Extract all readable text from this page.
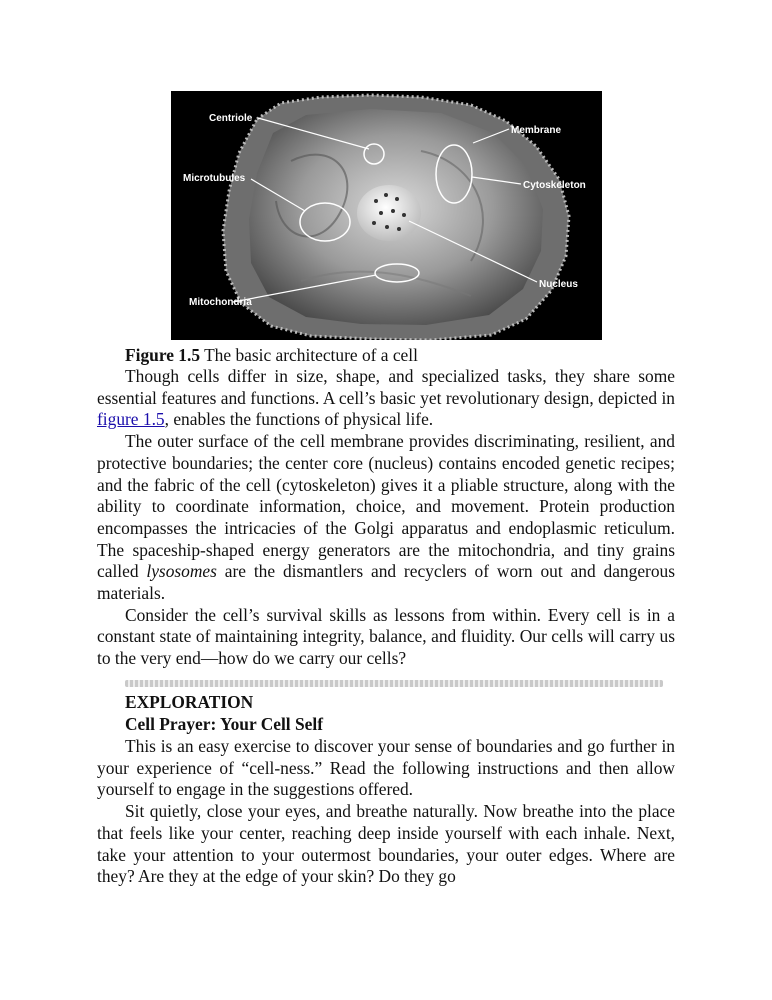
Centriole
Microtubules
Mitochondria
Membrane
Cytoskeleton
Nucleus
Figure 1.5 The basic architecture of a cell

Though cells differ in size, shape, and specialized tasks, they share some essential features and functions. A cell’s basic yet revolutionary design, depicted in figure 1.5, enables the functions of physical life.

The outer surface of the cell membrane provides discriminating, resilient, and protective boundaries; the center core (nucleus) contains encoded genetic recipes; and the fabric of the cell (cytoskeleton) gives it a pliable structure, along with the ability to coordinate information, choice, and movement. Protein production encompasses the intricacies of the Golgi apparatus and endoplasmic reticulum. The spaceship-shaped energy generators are the mitochondria, and tiny grains called lysosomes are the dismantlers and recyclers of worn out and dangerous materials.

Consider the cell’s survival skills as lessons from within. Every cell is in a constant state of maintaining integrity, balance, and fluidity. Our cells will carry us to the very end—how do we carry our cells?

EXPLORATION
Cell Prayer: Your Cell Self

This is an easy exercise to discover your sense of boundaries and go further in your experience of “cell-ness.” Read the following instructions and then allow yourself to engage in the suggestions offered.

Sit quietly, close your eyes, and breathe naturally. Now breathe into the place that feels like your center, reaching deep inside yourself with each inhale. Next, take your attention to your outermost boundaries, your outer edges. Where are they? Are they at the edge of your skin? Do they go
